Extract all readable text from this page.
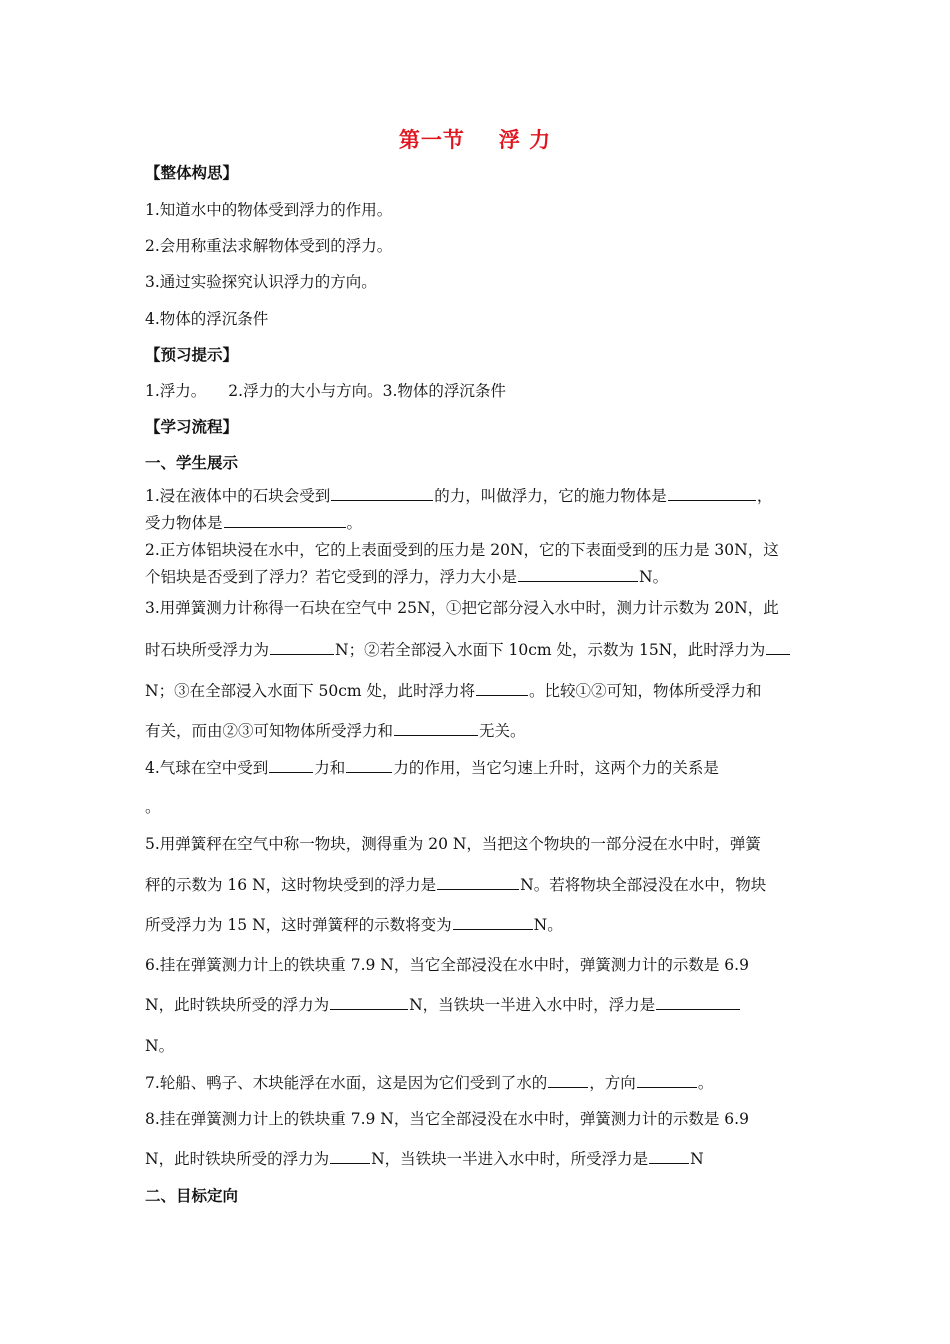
第一节 浮 力
【整体构思】
1.知道水中的物体受到浮力的作用。
2.会用称重法求解物体受到的浮力。
3.通过实验探究认识浮力的方向。
4.物体的浮沉条件
【预习提示】
1.浮力。 2.浮力的大小与方向。3.物体的浮沉条件
【学习流程】
一、学生展示
1.浸在液体中的石块会受到	的力，叫做浮力，它的施力物体是	，
受力物体是	。
2.正方体铝块浸在水中，它的上表面受到的压力是 20N，它的下表面受到的压力是 30N，这
个铝块是否受到了浮力？若它受到的浮力，浮力大小是	N。
3.用弹簧测力计称得一石块在空气中 25N，①把它部分浸入水中时，测力计示数为 20N，此
时石块所受浮力为	N；②若全部浸入水面下 10cm 处，示数为 15N，此时浮力为
N；③在全部浸入水面下 50cm 处，此时浮力将	。比较①②可知，物体所受浮力和
有关，而由②③可知物体所受浮力和	无关。
4.气球在空中受到	力和	力的作用，当它匀速上升时，这两个力的关系是
。
5.用弹簧秤在空气中称一物块，测得重为 20 N，当把这个物块的一部分浸在水中时，弹簧
秤的示数为 16 N，这时物块受到的浮力是	N。若将物块全部浸没在水中，物块
所受浮力为 15 N，这时弹簧秤的示数将变为	N。
6.挂在弹簧测力计上的铁块重 7.9 N，当它全部浸没在水中时，弹簧测力计的示数是 6.9
N，此时铁块所受的浮力为	N，当铁块一半进入水中时，浮力是
N。
7.轮船、鸭子、木块能浮在水面，这是因为它们受到了水的	，方向	。
8.挂在弹簧测力计上的铁块重 7.9 N，当它全部浸没在水中时，弹簧测力计的示数是 6.9
N，此时铁块所受的浮力为	N，当铁块一半进入水中时，所受浮力是	N
二、目标定向
